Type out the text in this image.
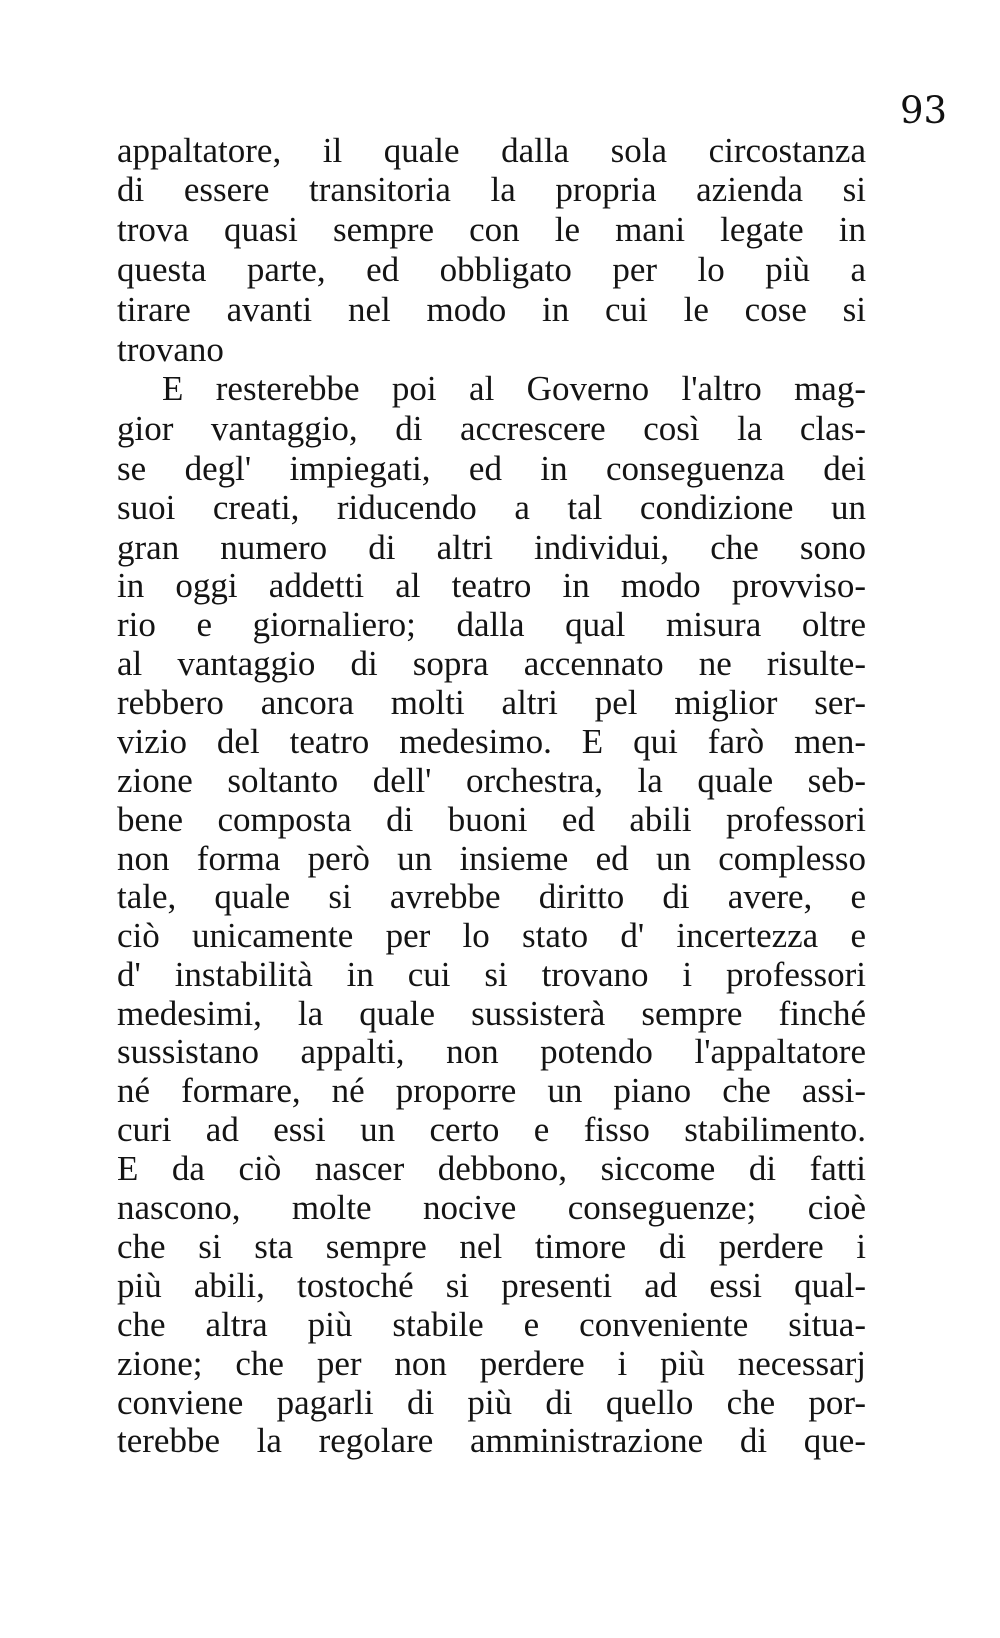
93
appaltatore, il quale dalla sola circostanza
di essere transitoria la propria azienda si
trova quasi sempre con le mani legate in
questa parte, ed obbligato per lo più a
tirare avanti nel modo in cui le cose si
trovano
E resterebbe poi al Governo l'altro mag-
gior vantaggio, di accrescere così la clas-
se degl' impiegati, ed in conseguenza dei
suoi creati, riducendo a tal condizione un
gran numero di altri individui, che sono
in oggi addetti al teatro in modo provviso-
rio e giornaliero; dalla qual misura oltre
al vantaggio di sopra accennato ne risulte-
rebbero ancora molti altri pel miglior ser-
vizio del teatro medesimo. E qui farò men-
zione soltanto dell' orchestra, la quale seb-
bene composta di buoni ed abili professori
non forma però un insieme ed un complesso
tale, quale si avrebbe diritto di avere, e
ciò unicamente per lo stato d' incertezza e
d' instabilità in cui si trovano i professori
medesimi, la quale sussisterà sempre finché
sussistano appalti, non potendo l'appaltatore
né formare, né proporre un piano che assi-
curi ad essi un certo e fisso stabilimento.
E da ciò nascer debbono, siccome di fatti
nascono, molte nocive conseguenze; cioè
che si sta sempre nel timore di perdere i
più abili, tostoché si presenti ad essi qual-
che altra più stabile e conveniente situa-
zione; che per non perdere i più necessarj
conviene pagarli di più di quello che por-
terebbe la regolare amministrazione di que-
